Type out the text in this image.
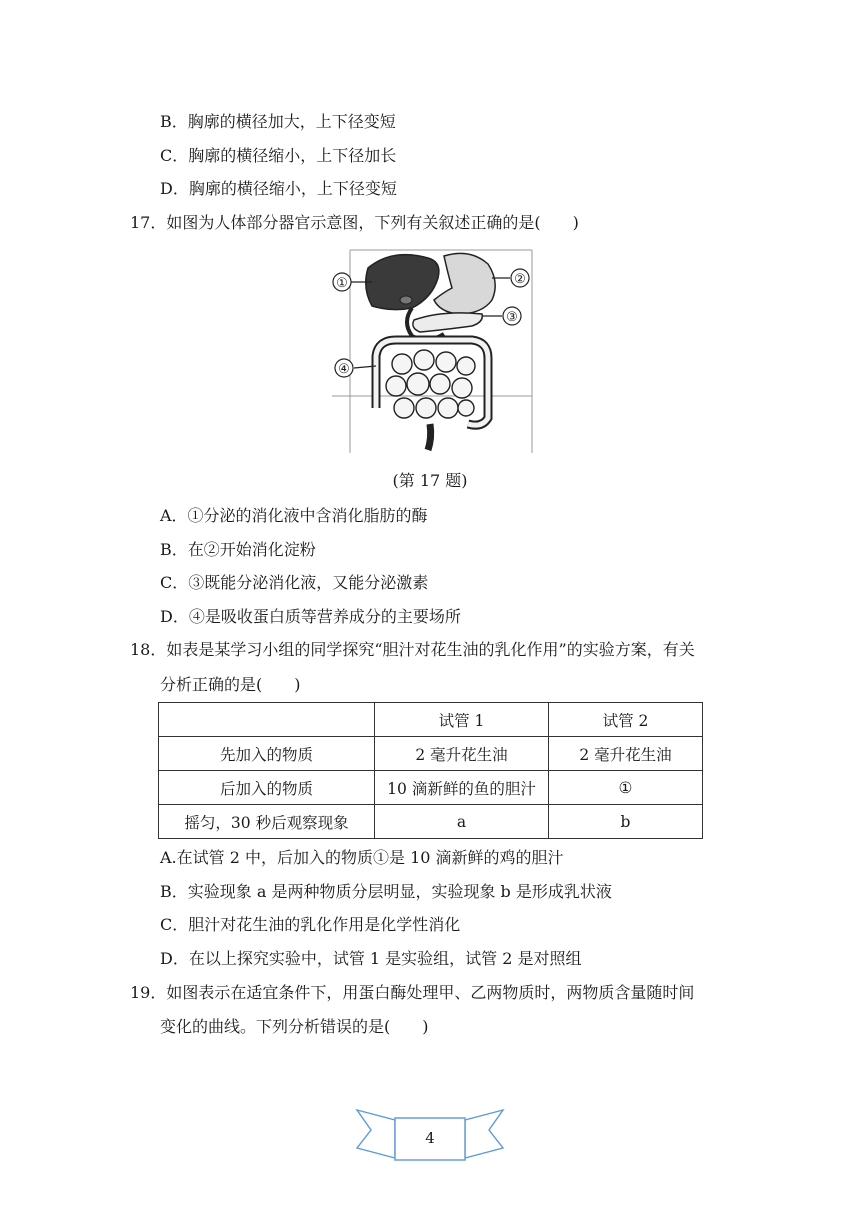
B．胸廓的横径加大，上下径变短
C．胸廓的横径缩小，上下径加长
D．胸廓的横径缩小，上下径变短
17．如图为人体部分器官示意图，下列有关叙述正确的是(　　)
①	②
③
④
(第 17 题)
A．①分泌的消化液中含消化脂肪的酶
B．在②开始消化淀粉
C．③既能分泌消化液，又能分泌激素
D．④是吸收蛋白质等营养成分的主要场所
18．如表是某学习小组的同学探究“胆汁对花生油的乳化作用”的实验方案，有关
分析正确的是(　　)
	试管 1	试管 2
先加入的物质	2 毫升花生油	2 毫升花生油
后加入的物质	10 滴新鲜的鱼的胆汁	①
摇匀，30 秒后观察现象	a	b
A.在试管 2 中，后加入的物质①是 10 滴新鲜的鸡的胆汁
B．实验现象 a 是两种物质分层明显，实验现象 b 是形成乳状液
C．胆汁对花生油的乳化作用是化学性消化
D．在以上探究实验中，试管 1 是实验组，试管 2 是对照组
19．如图表示在适宜条件下，用蛋白酶处理甲、乙两物质时，两物质含量随时间
变化的曲线。下列分析错误的是(　　)
4
